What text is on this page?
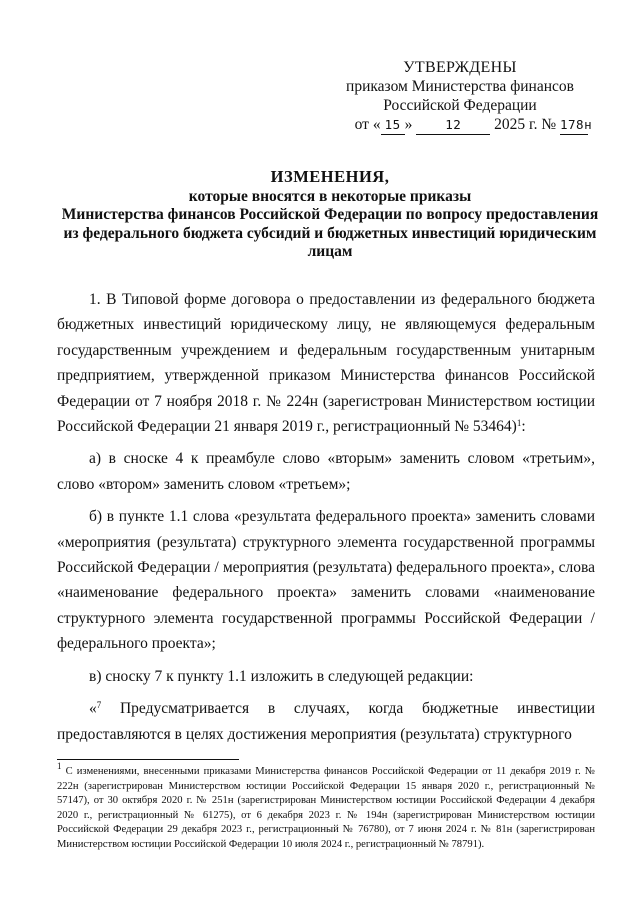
УТВЕРЖДЕНЫ
приказом Министерства финансов
Российской Федерации
от « 15 »	12 2025 г. № 178н
ИЗМЕНЕНИЯ,
которые вносятся в некоторые приказы
Министерства финансов Российской Федерации по вопросу предоставления
из федерального бюджета субсидий и бюджетных инвестиций юридическим
лицам

1. В Типовой форме договора о предоставлении из федерального бюджета бюджетных инвестиций юридическому лицу, не являющемуся федеральным государственным учреждением и федеральным государственным унитарным предприятием, утвержденной приказом Министерства финансов Российской Федерации от 7 ноября 2018 г. № 224н (зарегистрован Министерством юстиции Российской Федерации 21 января 2019 г., регистрационный № 53464)$^1$:

а) в сноске 4 к преамбуле слово «вторым» заменить словом «третьим», слово «втором» заменить словом «третьем»;

б) в пункте 1.1 слова «результата федерального проекта» заменить словами «мероприятия (результата) структурного элемента государственной программы Российской Федерации / мероприятия (результата) федерального проекта», слова «наименование федерального проекта» заменить словами «наименование структурного элемента государственной программы Российской Федерации / федерального проекта»;

в) сноску 7 к пункту 1.1 изложить в следующей редакции:

«$^7$ Предусматривается в случаях, когда бюджетные инвестиции предоставляются в целях достижения мероприятия (результата) структурного

$^1$ С изменениями, внесенными приказами Министерства финансов Российской Федерации от 11 декабря 2019 г. № 222н (зарегистрирован Министерством юстиции Российской Федерации 15 января 2020 г., регистрационный № 57147), от 30 октября 2020 г. № 251н (зарегистрирован Министерством юстиции Российской Федерации 4 декабря 2020 г., регистрационный № 61275), от 6 декабря 2023 г. № 194н (зарегистрирован Министерством юстиции Российской Федерации 29 декабря 2023 г., регистрационный № 76780), от 7 июня 2024 г. № 81н (зарегистрирован Министерством юстиции Российской Федерации 10 июля 2024 г., регистрационный № 78791).
